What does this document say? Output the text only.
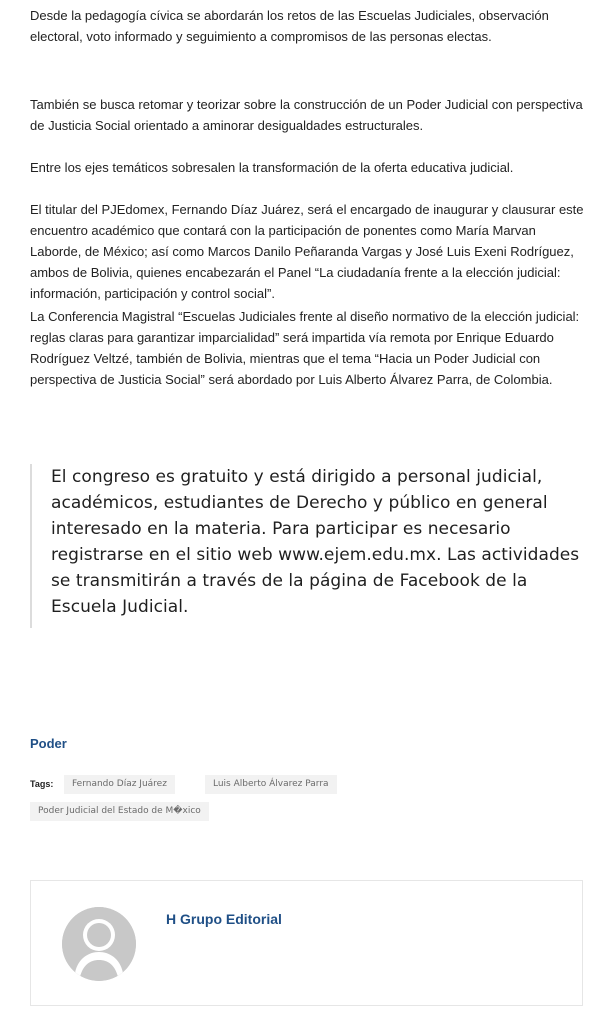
Desde la pedagogía cívica se abordarán los retos de las Escuelas Judiciales, observación electoral, voto informado y seguimiento a compromisos de las personas electas.

También se busca retomar y teorizar sobre la construcción de un Poder Judicial con perspectiva de Justicia Social orientado a aminorar desigualdades estructurales.

Entre los ejes temáticos sobresalen la transformación de la oferta educativa judicial.

El titular del PJEdomex, Fernando Díaz Juárez, será el encargado de inaugurar y clausurar este encuentro académico que contará con la participación de ponentes como María Marvan Laborde, de México; así como Marcos Danilo Peñaranda Vargas y José Luis Exeni Rodríguez, ambos de Bolivia, quienes encabezarán el Panel “La ciudadanía frente a la elección judicial: información, participación y control social”.

La Conferencia Magistral “Escuelas Judiciales frente al diseño normativo de la elección judicial: reglas claras para garantizar imparcialidad” será impartida vía remota por Enrique Eduardo Rodríguez Veltzé, también de Bolivia, mientras que el tema “Hacia un Poder Judicial con perspectiva de Justicia Social” será abordado por Luis Alberto Álvarez Parra, de Colombia.

El congreso es gratuito y está dirigido a personal judicial, académicos, estudiantes de Derecho y público en general interesado en la materia. Para participar es necesario registrarse en el sitio web www.ejem.edu.mx. Las actividades se transmitirán a través de la página de Facebook de la Escuela Judicial.

Poder
Tags:	Fernando Díaz Juárez	Luis Alberto Álvarez Parra
Poder Judicial del Estado de M�xico
H Grupo Editorial
